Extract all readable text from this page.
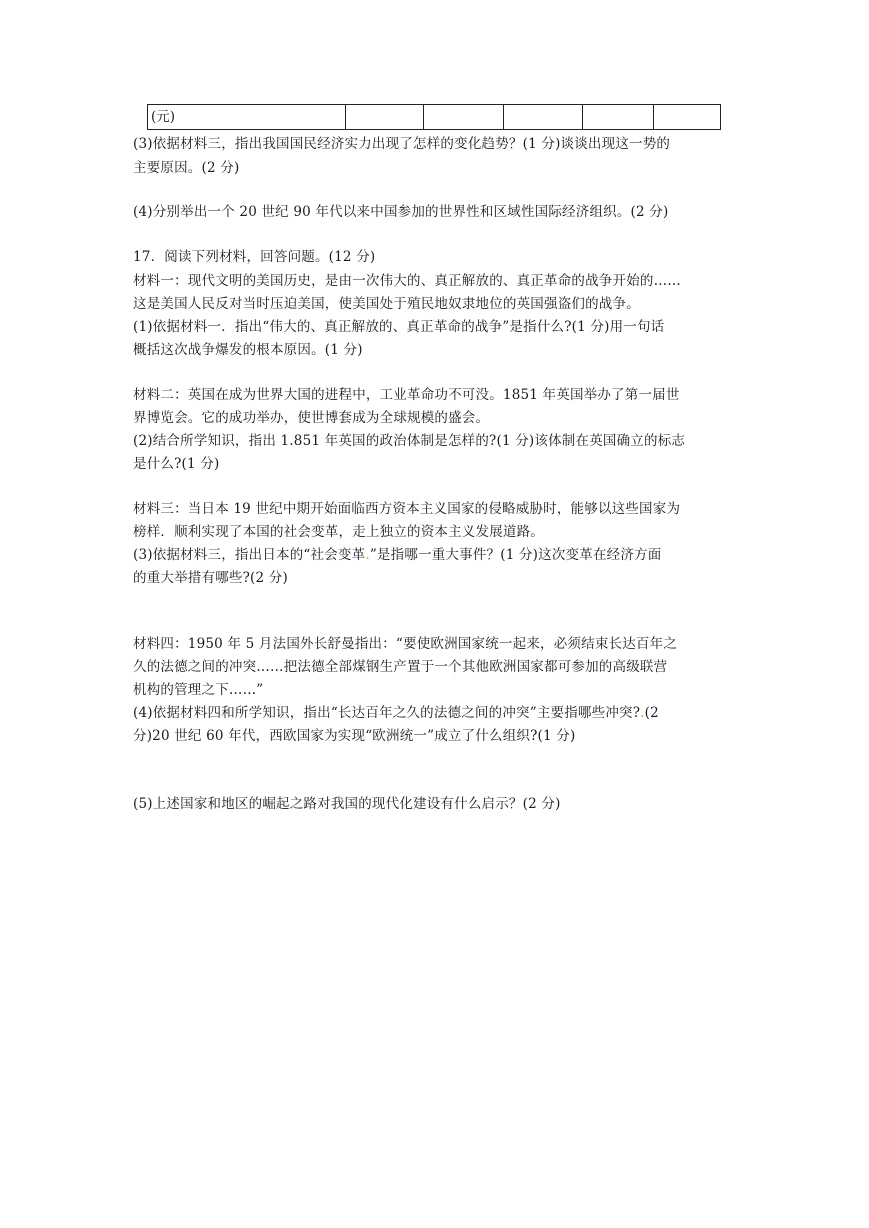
(元)					
(3)依据材料三，指出我国国民经济实力出现了怎样的变化趋势？(1 分)谈谈出现这一势的
主要原因。(2 分)
(4)分别举出一个 20 世纪 90 年代以来中国参加的世界性和区域性国际经济组织。(2 分)
17．阅读下列材料，回答问题。(12 分)
材料一：现代文明的美国历史，是由一次伟大的、真正解放的、真正革命的战争开始的……
这是美国人民反对当时压迫美国，使美国处于殖民地奴隶地位的英国强盗们的战争。
(1)依据材料一．指出“伟大的、真正解放的、真正革命的战争”是指什么?(1 分)用一句话
概括这次战争爆发的根本原因。(1 分)
材料二：英国在成为世界大国的进程中，工业革命功不可没。1851 年英国举办了第一届世
界博览会。它的成功举办，使世博套成为全球规模的盛会。
(2)结合所学知识，指出 1.851 年英国的政治体制是怎样的?(1 分)该体制在英国确立的标志
是什么?(1 分)
材料三：当日本 19 世纪中期开始面临西方资本主义国家的侵略威胁时，能够以这些国家为
榜样．顺利实现了本国的社会变革，走上独立的资本主义发展道路。
(3)依据材料三，指出日本的“社会变革.”是指哪一重大事件？(1 分)这次变革在经济方面
的重大举措有哪些?(2 分)
材料四：1950 年 5 月法国外长舒曼指出：“要使欧洲国家统一起来，必须结束长达百年之
久的法德之间的冲突……把法德全部煤钢生产置于一个其他欧洲国家都可参加的高级联营
机构的管理之下……”
(4)依据材料四和所学知识，指出“长达百年之久的法德之间的冲突”主要指哪些冲突?.(2
分)20 世纪 60 年代，西欧国家为实现“欧洲统一”成立了什么组织?(1 分)
(5)上述国家和地区的崛起之路对我国的现代化建设有什么启示？(2 分)
